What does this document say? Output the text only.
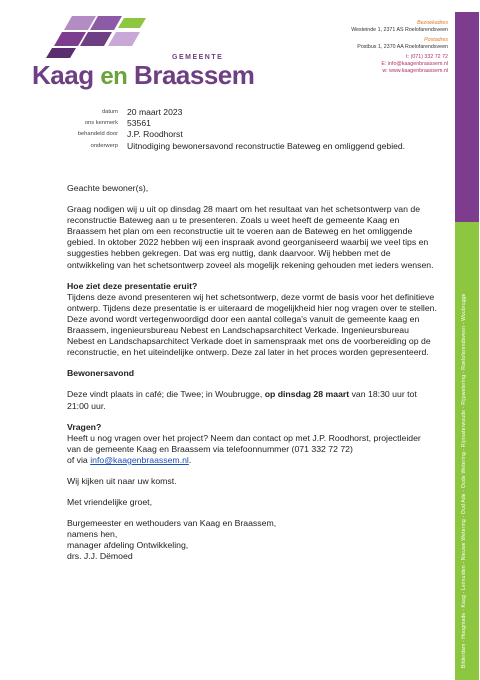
GEMEENTE
Kaag en Braassem
Bezoekadres
Westeinde 1, 2371 AS Roelofarendsveen
Postadres
Postbus 1, 2370 AA Roelofarendsveen
t: (071) 332 72 72
E: info@kaagenbraassem.nl
w: www.kaagenbraassem.nl
Bilderdam - Hoogmade - Kaag - Leimuiden - Nieuwe Wetering - Oud Ade - Oude Wetering - Rijnsaterwoude - Rijpwetering - Roelofarendsveen - Woubrugge
datum	20 maart 2023
ons kenmerk	53561
behandeld door	J.P. Roodhorst
onderwerp	Uitnodiging bewonersavond reconstructie Bateweg en omliggend gebied.

Geachte bewoner(s),

Graag nodigen wij u uit op dinsdag 28 maart om het resultaat van het schetsontwerp van de reconstructie Bateweg aan u te presenteren. Zoals u weet heeft de gemeente Kaag en Braassem het plan om een reconstructie uit te voeren aan de Bateweg en het omliggende gebied. In oktober 2022 hebben wij een inspraak avond georganiseerd waarbij we veel tips en suggesties hebben gekregen. Dat was erg nuttig, dank daarvoor. Wij hebben met de ontwikkeling van het schetsontwerp zoveel als mogelijk rekening gehouden met ieders wensen.

Hoe ziet deze presentatie eruit?

Tijdens deze avond presenteren wij het schetsontwerp, deze vormt de basis voor het definitieve ontwerp. Tijdens deze presentatie is er uiteraard de mogelijkheid hier nog vragen over te stellen. Deze avond wordt vertegenwoordigd door een aantal collega's vanuit de gemeente kaag en Braassem, ingenieursbureau Nebest en Landschapsarchitect Verkade. Ingenieursbureau Nebest en Landschapsarchitect Verkade doet in samenspraak met ons de voorbereiding op de reconstructie, en het uiteindelijke ontwerp. Deze zal later in het proces worden gepresenteerd.

Bewonersavond

Deze vindt plaats in café; die Twee; in Woubrugge, op dinsdag 28 maart van 18:30 uur tot 21:00 uur.

Vragen?

Heeft u nog vragen over het project? Neem dan contact op met J.P. Roodhorst, projectleider van de gemeente Kaag en Braassem via telefoonnummer (071 332 72 72)

of via info@kaagenbraassem.nl.

Wij kijken uit naar uw komst.

Met vriendelijke groet,

Burgemeester en wethouders van Kaag en Braassem,
namens hen,
manager afdeling Ontwikkeling,
drs. J.J. Dëmoed
